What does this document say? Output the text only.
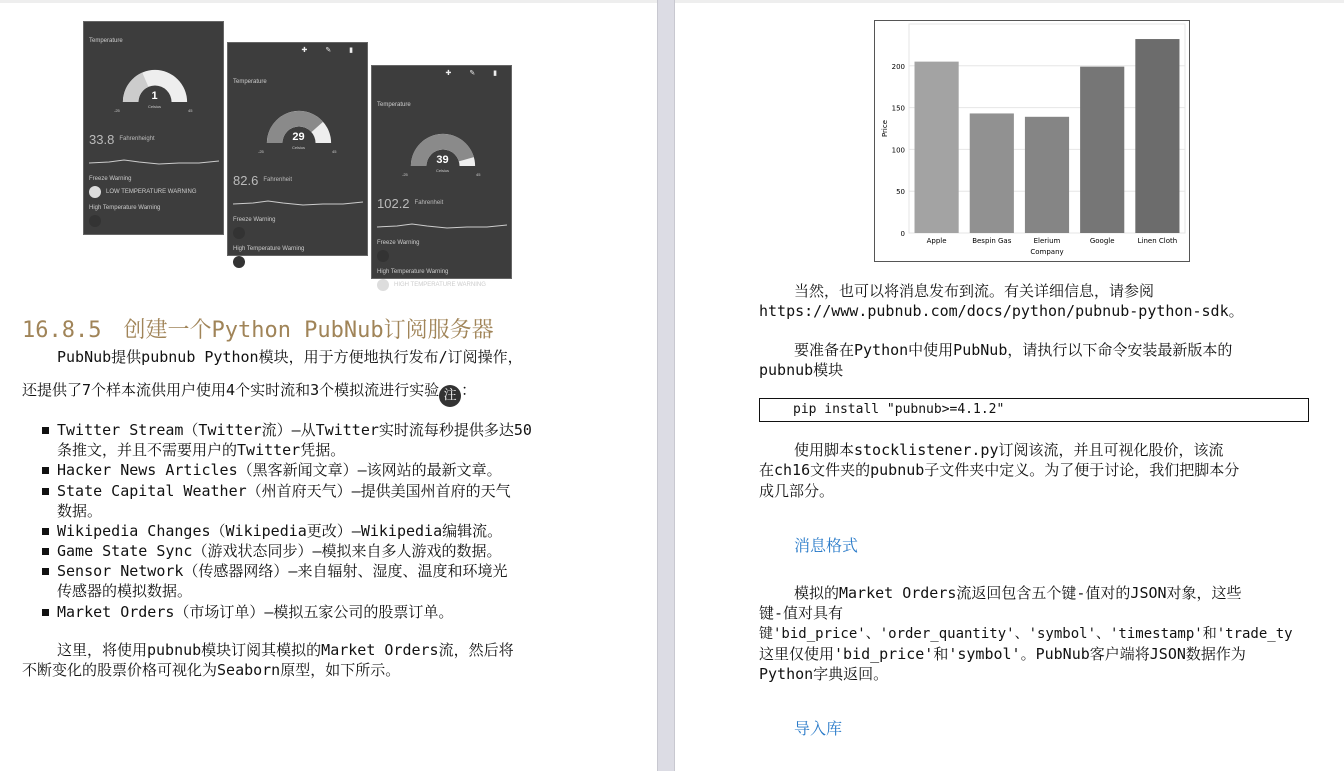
Temperature
1
Celsius
-25	45
33.8 $^{Fahrenheight}$
Freeze Warning
LOW TEMPERATURE WARNING
High Temperature Warning
✚ ✎ ▮
Temperature
29
Celsius
-25	45
82.6 $^{Fahrenheit}$
Freeze Warning
High Temperature Warning
✚ ✎ ▮
Temperature
39
Celsius
-25	45
102.2 $^{Fahrenheit}$
Freeze Warning
High Temperature Warning
HIGH TEMPERATURE WARNING
16.8.5　创建一个Python PubNub订阅服务器
PubNub提供pubnub Python模块，用于方便地执行发布/订阅操作，
还提供了7个样本流供用户使用4个实时流和3个模拟流进行实验 注 ：
Twitter Stream（Twitter流）—从Twitter实时流每秒提供多达50
条推文，并且不需要用户的Twitter凭据。
Hacker News Articles（黑客新闻文章）—该网站的最新文章。
State Capital Weather（州首府天气）—提供美国州首府的天气
数据。
Wikipedia Changes（Wikipedia更改）—Wikipedia编辑流。
Game State Sync（游戏状态同步）—模拟来自多人游戏的数据。
Sensor Network（传感器网络）—来自辐射、湿度、温度和环境光
传感器的模拟数据。
Market Orders（市场订单）—模拟五家公司的股票订单。
这里，将使用pubnub模块订阅其模拟的Market Orders流，然后将
不断变化的股票价格可视化为Seaborn原型，如下所示。
0
50
100
150
200
Apple	Bespin Gas	Elerium	Google	Linen Cloth
Company
Price
当然，也可以将消息发布到流。有关详细信息，请参阅
https://www.pubnub.com/docs/python/pubnub-python-sdk。
要准备在Python中使用PubNub，请执行以下命令安装最新版本的
pubnub模块
pip install "pubnub>=4.1.2"
使用脚本stocklistener.py订阅该流，并且可视化股价，该流
在ch16文件夹的pubnub子文件夹中定义。为了便于讨论，我们把脚本分
成几部分。
消息格式
模拟的Market Orders流返回包含五个键-值对的JSON对象，这些
键-值对具有
键'bid_price'、'order_quantity'、'symbol'、'timestamp'和'trade_ty
这里仅使用'bid_price'和'symbol'。PubNub客户端将JSON数据作为
Python字典返回。
导入库
